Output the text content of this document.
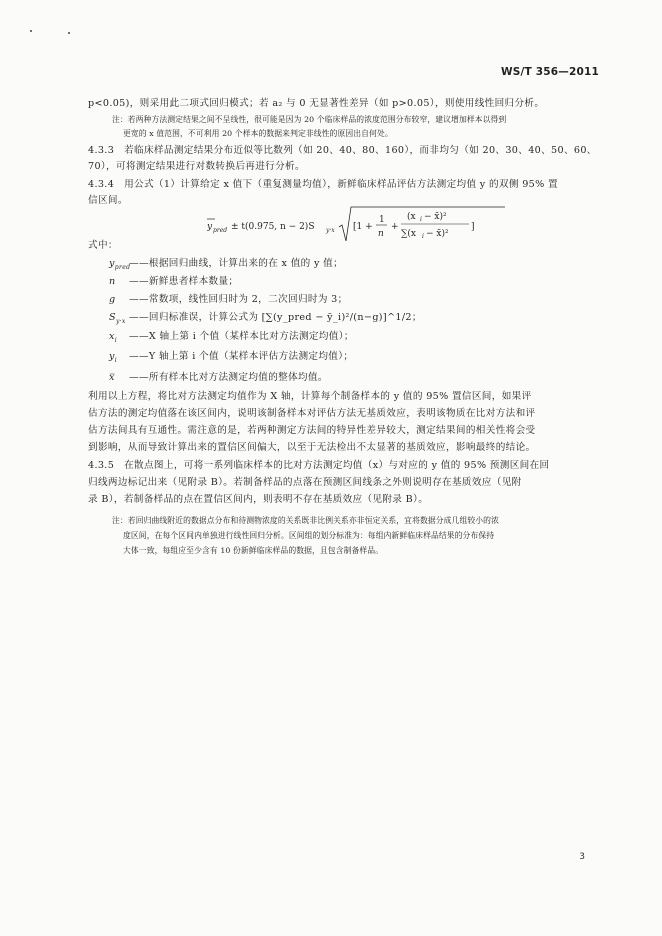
WS/T 356—2011
p<0.05)，则采用此二项式回归模式；若 a₂ 与 0 无显著性差异（如 p>0.05），则使用线性回归分析。
注：若两种方法测定结果之间不呈线性，很可能是因为 20 个临床样品的浓度范围分布较窄，建议增加样本以得到
更宽的 x 值范围，不可利用 20 个样本的数据来判定非线性的原因出自何处。
4.3.3　若临床样品测定结果分布近似等比数列（如 20、40、80、160），而非均匀（如 20、30、40、50、60、
70），可将测定结果进行对数转换后再进行分析。
4.3.4　用公式（1）计算给定 x 值下（重复测量均值），新鲜临床样品评估方法测定均值 y 的双侧 95% 置
信区间。
y pred ± t(0.975, n − 2)S y·x [1 +
1
n
+
(x i − x̄)²
∑(x i − x̄)²
]
式中：
$y_{pred}——$根据回归曲线，计算出来的在 x 值的 y 值；
n ——新鲜患者样本数量；
g ——常数项，线性回归时为 2，二次回归时为 3；
$S_{y\cdot x}$ ——回归标准误，计算公式为 [∑(y_pred − ȳ_i)²/(n−g)]^1/2；
$x_i$ ——X 轴上第 i 个值（某样本比对方法测定均值）；
$y_i$ ——Y 轴上第 i 个值（某样本评估方法测定均值）；
x̿ ——所有样本比对方法测定均值的整体均值。
利用以上方程，将比对方法测定均值作为 X 轴，计算每个制备样本的 y 值的 95% 置信区间，如果评
估方法的测定均值落在该区间内，说明该制备样本对评估方法无基质效应，表明该物质在比对方法和评
估方法间具有互通性。需注意的是，若两种测定方法间的特异性差异较大，测定结果间的相关性将会受
到影响，从而导致计算出来的置信区间偏大，以至于无法检出不太显著的基质效应，影响最终的结论。
4.3.5　在散点图上，可将一系列临床样本的比对方法测定均值（x）与对应的 y 值的 95% 预测区间在回
归线两边标记出来（见附录 B）。若制备样品的点落在预测区间线条之外则说明存在基质效应（见附
录 B），若制备样品的点在置信区间内，则表明不存在基质效应（见附录 B）。
注：若回归曲线附近的数据点分布和待测物浓度的关系既非比例关系亦非恒定关系，宜将数据分成几组较小的浓
度区间，在每个区间内单独进行线性回归分析。区间组的划分标准为：每组内新鲜临床样品结果的分布保持
大体一致，每组应至少含有 10 份新鲜临床样品的数据，且包含制备样品。
3
